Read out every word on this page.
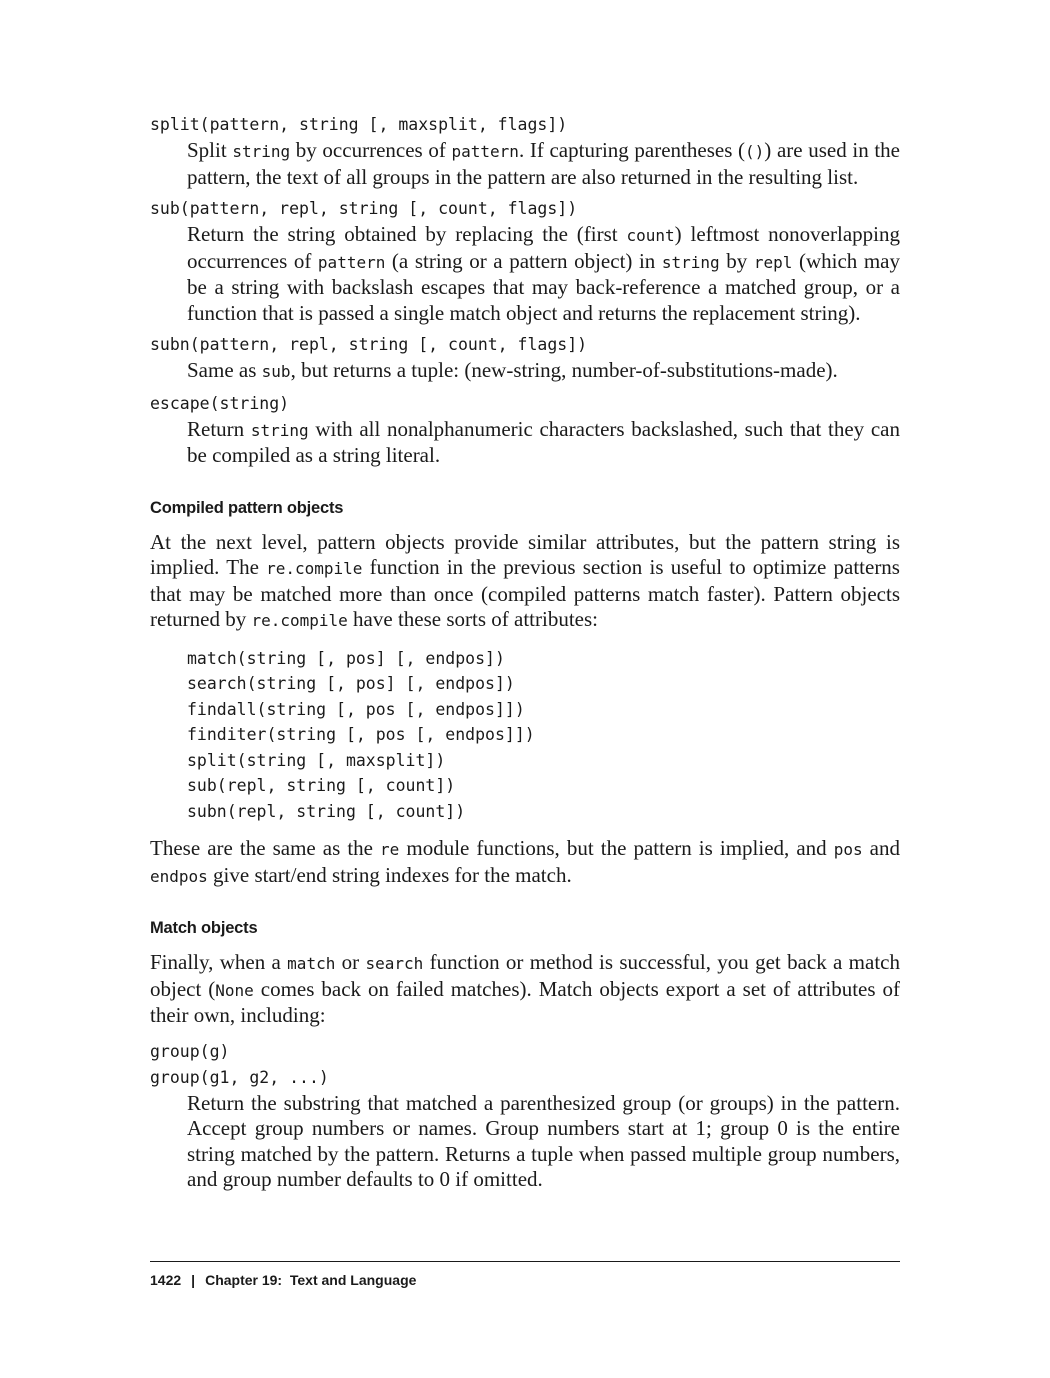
split(pattern, string [, maxsplit, flags])

Split string by occurrences of pattern. If capturing parentheses (()) are used in the pattern, the text of all groups in the pattern are also returned in the resulting list.

sub(pattern, repl, string [, count, flags])

Return the string obtained by replacing the (first count) leftmost nonoverlapping occurrences of pattern (a string or a pattern object) in string by repl (which may be a string with backslash escapes that may back-reference a matched group, or a function that is passed a single match object and returns the replacement string).

subn(pattern, repl, string [, count, flags])

Same as sub, but returns a tuple: (new-string, number-of-substitutions-made).

escape(string)

Return string with all nonalphanumeric characters backslashed, such that they can be compiled as a string literal.

Compiled pattern objects

At the next level, pattern objects provide similar attributes, but the pattern string is implied. The re.compile function in the previous section is useful to optimize patterns that may be matched more than once (compiled patterns match faster). Pattern objects returned by re.compile have these sorts of attributes:

match(string [, pos] [, endpos])
search(string [, pos] [, endpos])
findall(string [, pos [, endpos]])
finditer(string [, pos [, endpos]])
split(string [, maxsplit])
sub(repl, string [, count])
subn(repl, string [, count])

These are the same as the re module functions, but the pattern is implied, and pos and endpos give start/end string indexes for the match.

Match objects

Finally, when a match or search function or method is successful, you get back a match object (None comes back on failed matches). Match objects export a set of attributes of their own, including:

group(g)

group(g1, g2, ...)

Return the substring that matched a parenthesized group (or groups) in the pattern. Accept group numbers or names. Group numbers start at 1; group 0 is the entire string matched by the pattern. Returns a tuple when passed multiple group numbers, and group number defaults to 0 if omitted.

1422 | Chapter 19:  Text and Language
